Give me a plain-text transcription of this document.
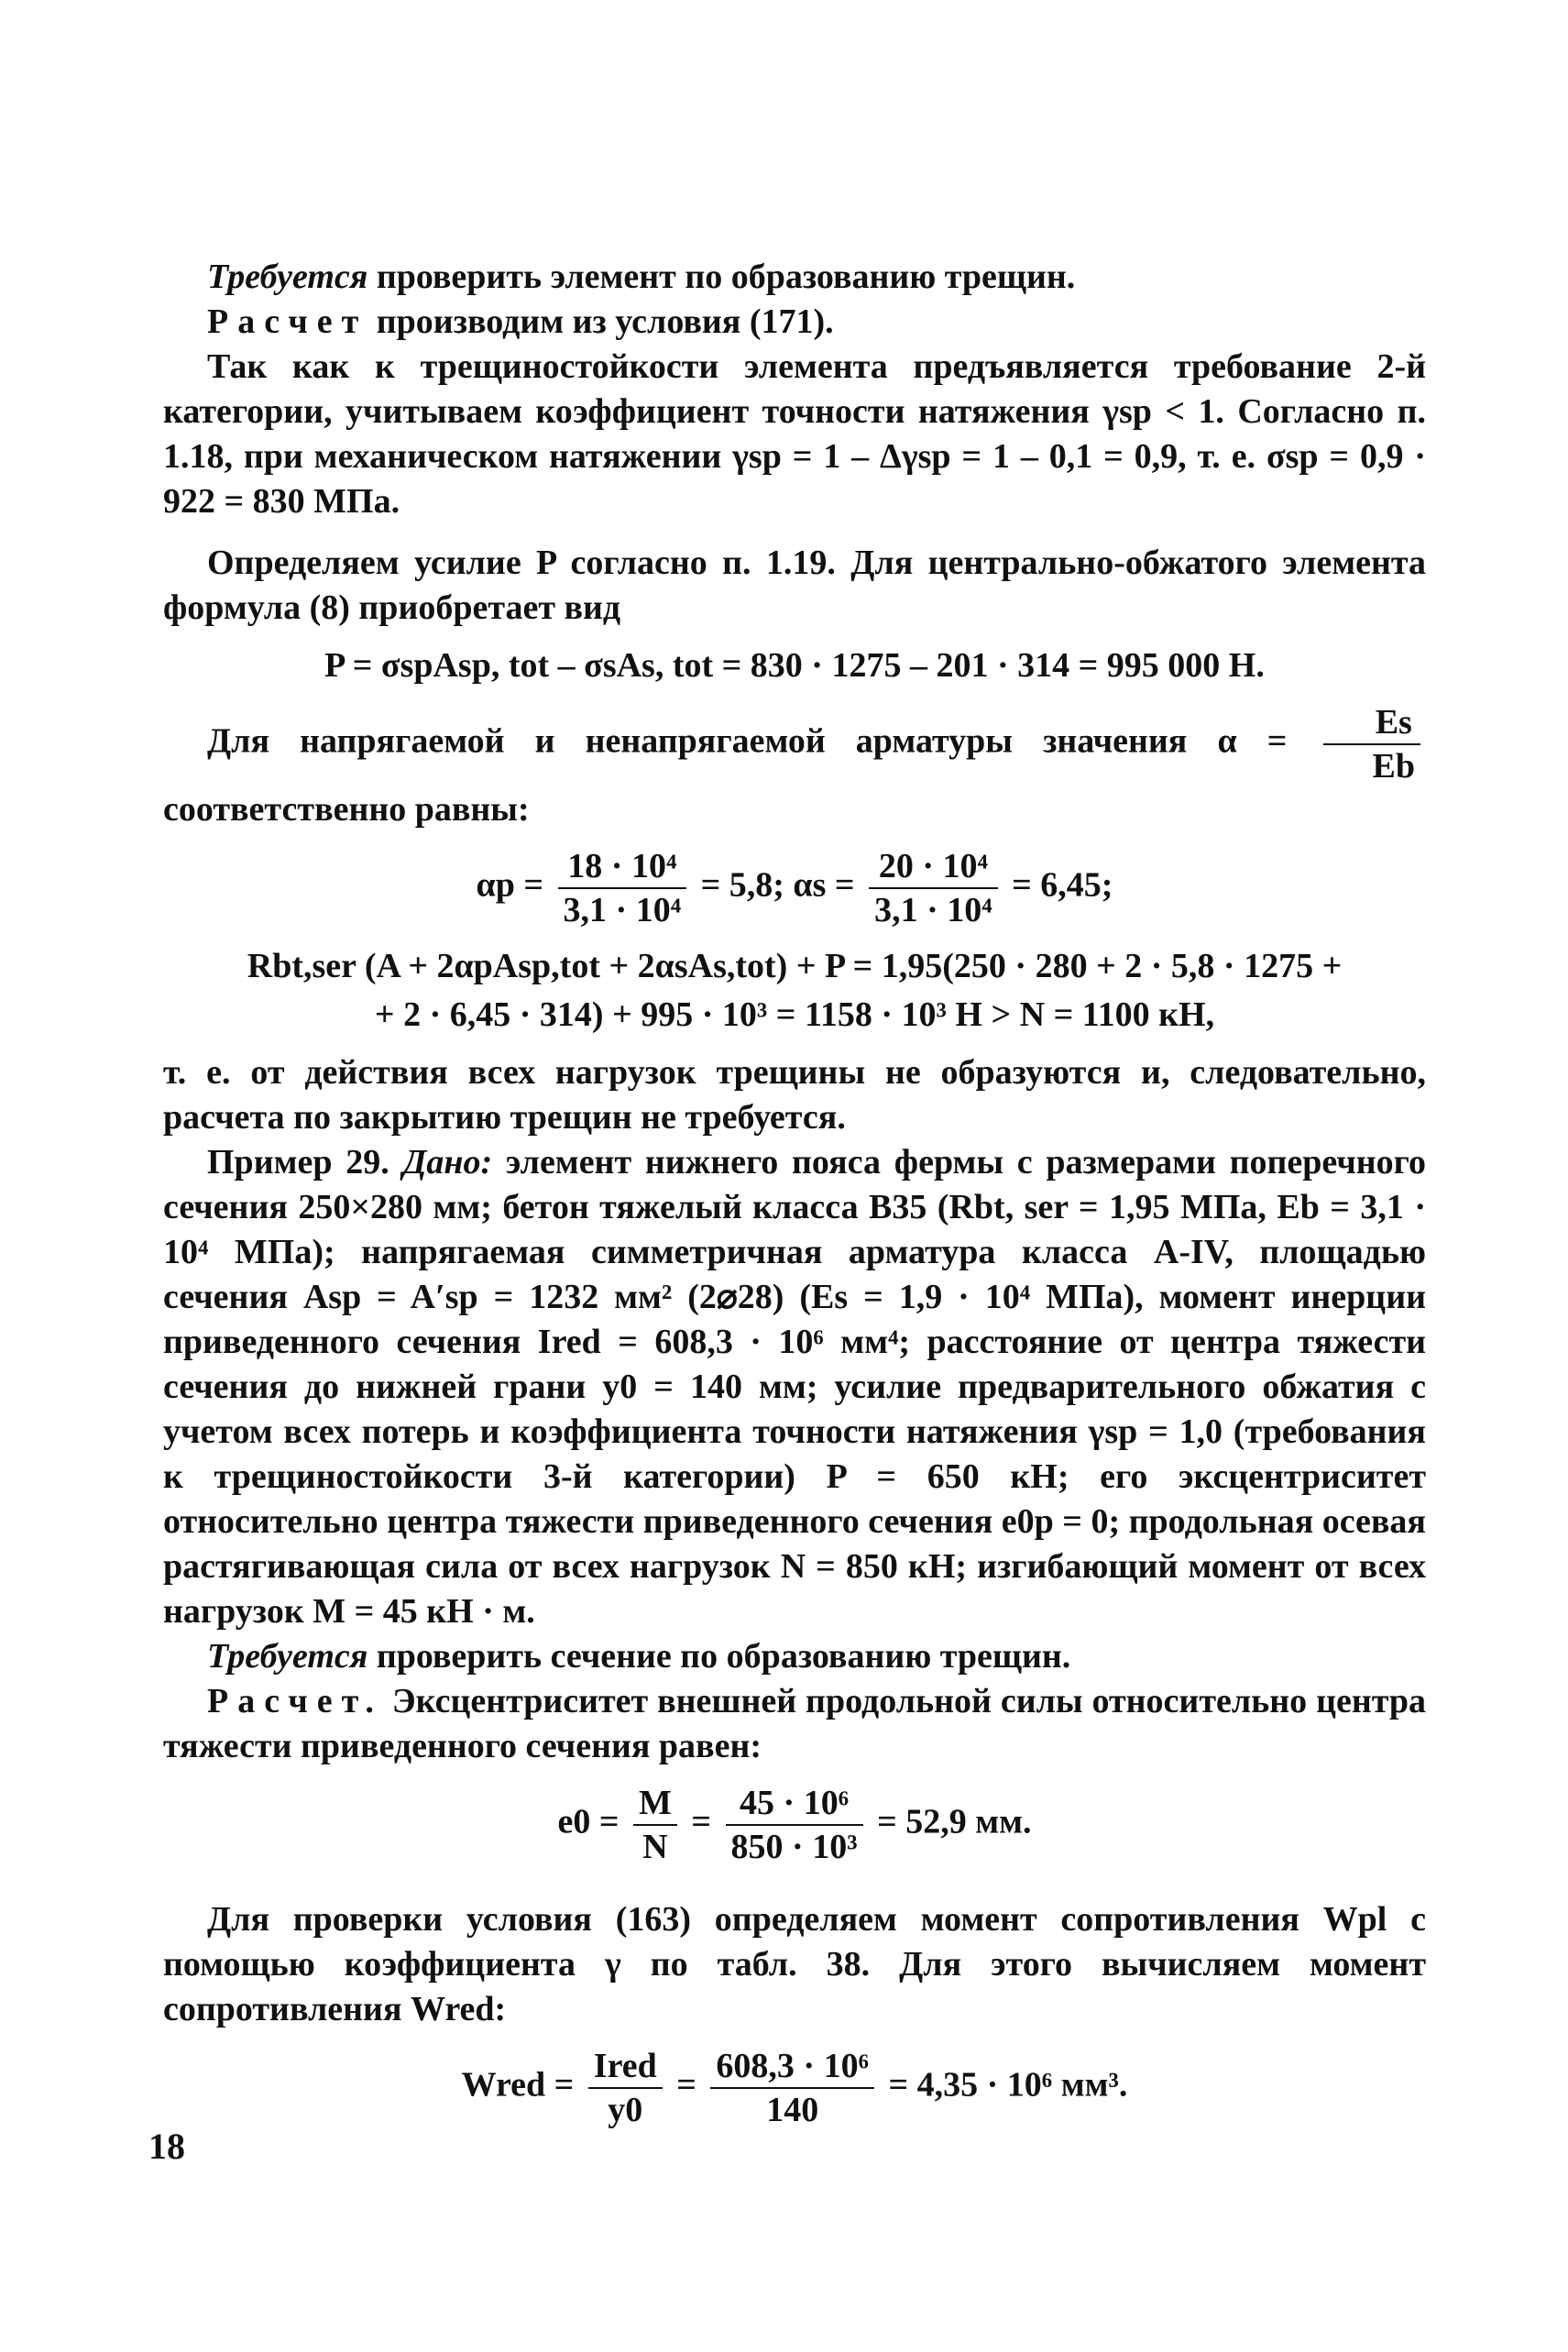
Требуется проверить элемент по образованию трещин.

Расчет производим из условия (171).

Так как к трещиностойкости элемента предъявляется требование 2-й категории, учитываем коэффициент точности натяжения γsp < 1. Согласно п. 1.18, при механическом натяжении γsp = 1 – Δγsp = 1 – 0,1 = 0,9, т. е. σsp = 0,9 · 922 = 830 МПа.

Определяем усилие P согласно п. 1.19. Для центрально-обжатого элемента формула (8) приобретает вид

P = σspAsp, tot – σsAs, tot = 830 · 1275 – 201 · 314 = 995 000 Н.

Для напрягаемой и ненапрягаемой арматуры значения $\alpha = \frac{Es}{Eb}$
соответственно равны:

$\alpha p = \frac{\text{18 · 10⁴}}{\text{3,1 · 10⁴}} = 5,8$; $\alpha s = \frac{\text{20 · 10⁴}}{\text{3,1 · 10⁴}} = 6,45$;
Rbt,ser (A + 2αpAsp,tot + 2αsAs,tot) + P = 1,95(250 · 280 + 2 · 5,8 · 1275 +
+ 2 · 6,45 · 314) + 995 · 10³ = 1158 · 10³ Н > N = 1100 кН,

т. е. от действия всех нагрузок трещины не образуются и, следовательно, расчета по закрытию трещин не требуется.

Пример 29. Дано: элемент нижнего пояса фермы с размерами поперечного сечения 250×280 мм; бетон тяжелый класса В35 (Rbt, ser = 1,95 МПа, Eb = 3,1 · 10⁴ МПа); напрягаемая симметричная арматура класса А-IV, площадью сечения Asp = A′sp = 1232 мм² (2⌀28) (Es = 1,9 · 10⁴ МПа), момент инерции приведенного сечения Ired = 608,3 · 10⁶ мм⁴; расстояние от центра тяжести сечения до нижней грани y0 = 140 мм; усилие предварительного обжатия с учетом всех потерь и коэффициента точности натяжения γsp = 1,0 (требования к трещиностойкости 3-й категории) P = 650 кН; его эксцентриситет относительно центра тяжести приведенного сечения e0p = 0; продольная осевая растягивающая сила от всех нагрузок N = 850 кН; изгибающий момент от всех нагрузок M = 45 кН · м.

Требуется проверить сечение по образованию трещин.

Расчет. Эксцентриситет внешней продольной силы относительно центра тяжести приведенного сечения равен:

$e0 = \frac{M}{N} = \frac{\text{45 · 10⁶}}{\text{850 · 10³}} = 52,9$ мм.

Для проверки условия (163) определяем момент сопротивления Wpl с помощью коэффициента γ по табл. 38. Для этого вычисляем момент сопротивления Wred:

Wred = $\frac{\text{Ired}}{y0} = \frac{\text{608,3 · 10⁶}}{140} = 4,35 \cdot 10^6$ мм³.
18
